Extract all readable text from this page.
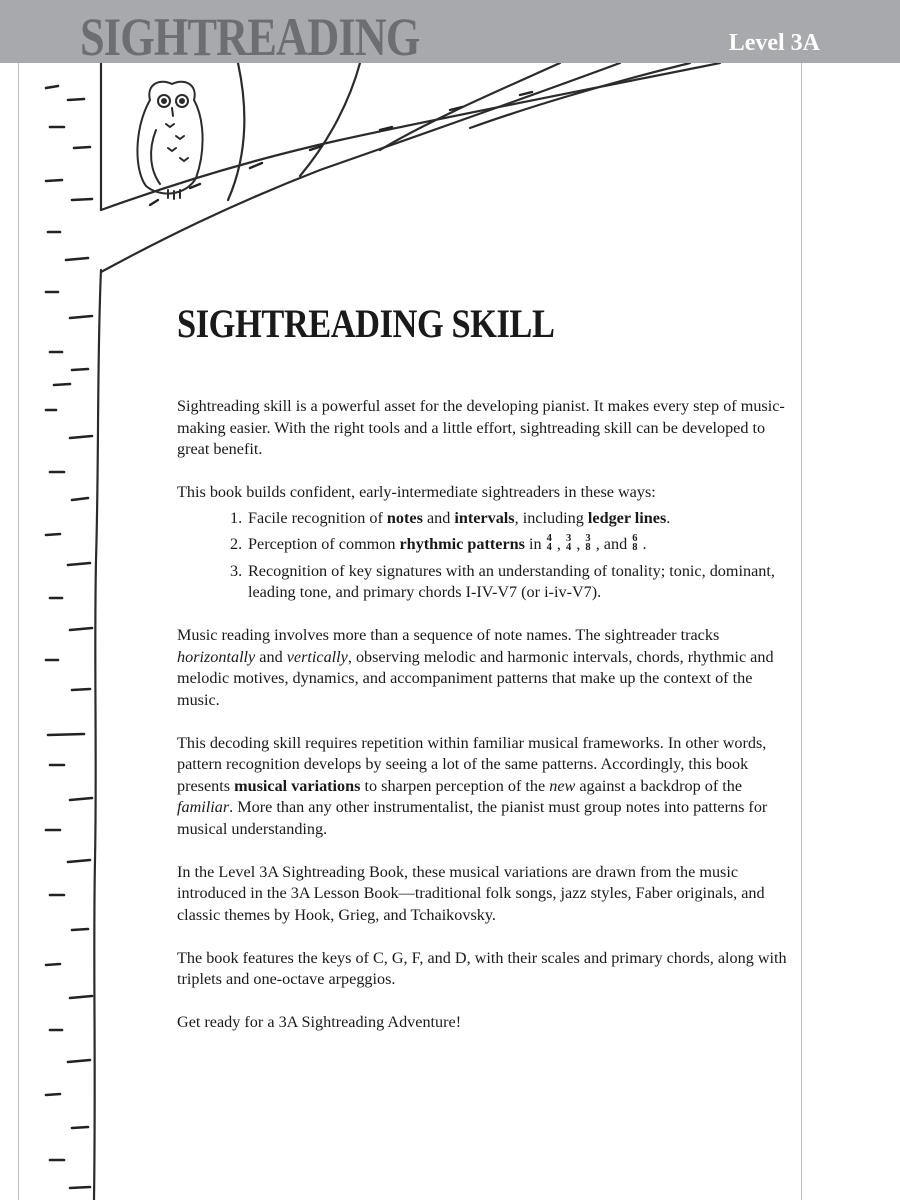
SIGHTREADING	Level 3A
SIGHTREADING SKILL

Sightreading skill is a powerful asset for the developing pianist. It makes every step of music-making easier. With the right tools and a little effort, sightreading skill can be developed to great benefit.

This book builds confident, early-intermediate sightreaders in these ways:

1. Facile recognition of notes and intervals, including ledger lines.
2. Perception of common rhythmic patterns in 4
4 , 3
4 , 3
8 , and 6
8 .
3. Recognition of key signatures with an understanding of tonality; tonic, dominant, leading tone, and primary chords I-IV-V7 (or i-iv-V7).

Music reading involves more than a sequence of note names. The sightreader tracks horizontally and vertically, observing melodic and harmonic intervals, chords, rhythmic and melodic motives, dynamics, and accompaniment patterns that make up the context of the music.

This decoding skill requires repetition within familiar musical frameworks. In other words, pattern recognition develops by seeing a lot of the same patterns. Accordingly, this book presents musical variations to sharpen perception of the new against a backdrop of the familiar. More than any other instrumentalist, the pianist must group notes into patterns for musical understanding.

In the Level 3A Sightreading Book, these musical variations are drawn from the music introduced in the 3A Lesson Book—traditional folk songs, jazz styles, Faber originals, and classic themes by Hook, Grieg, and Tchaikovsky.

The book features the keys of C, G, F, and D, with their scales and primary chords, along with triplets and one-octave arpeggios.

Get ready for a 3A Sightreading Adventure!
